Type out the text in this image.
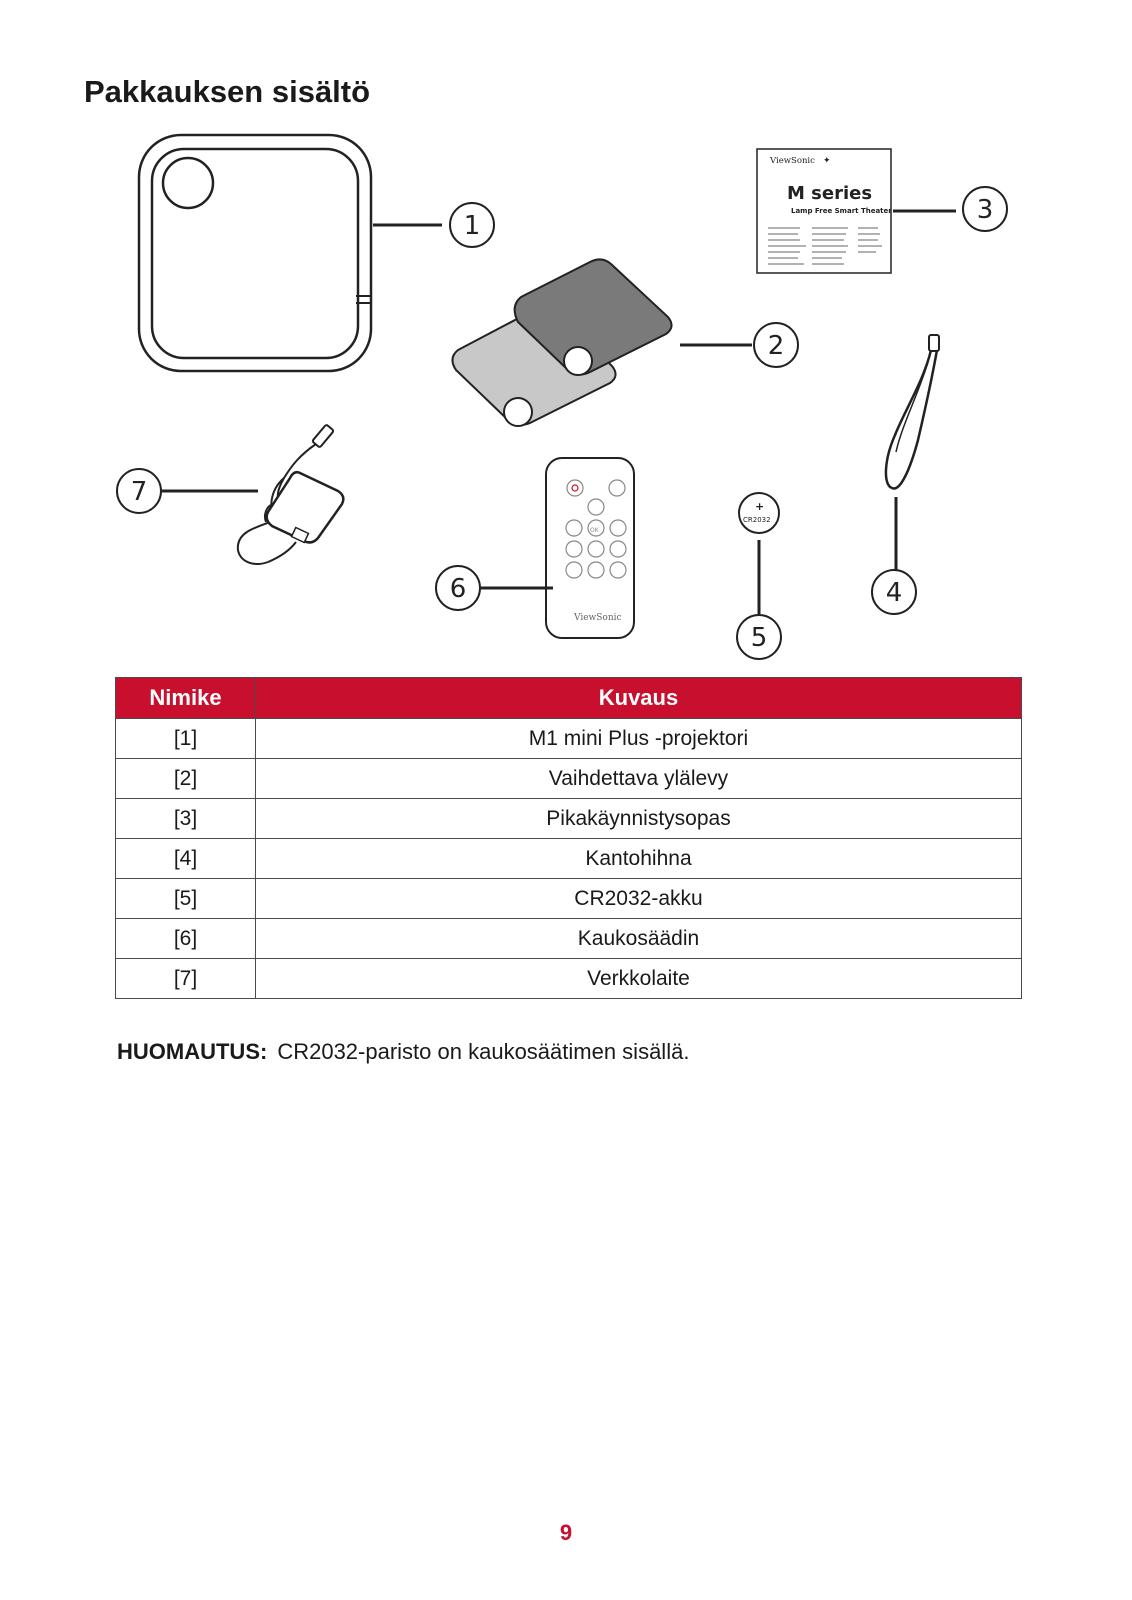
Pakkauksen sisältö
ViewSonic ✦
M series
Lamp Free Smart Theater
OK
ViewSonic
+
CR2032
1
2
3
4
5
6
7
Nimike	Kuvaus
[1]	M1 mini Plus -projektori
[2]	Vaihdettava ylälevy
[3]	Pikakäynnistysopas
[4]	Kantohihna
[5]	CR2032-akku
[6]	Kaukosäädin
[7]	Verkkolaite
HUOMAUTUS: CR2032-paristo on kaukosäätimen sisällä.
9
